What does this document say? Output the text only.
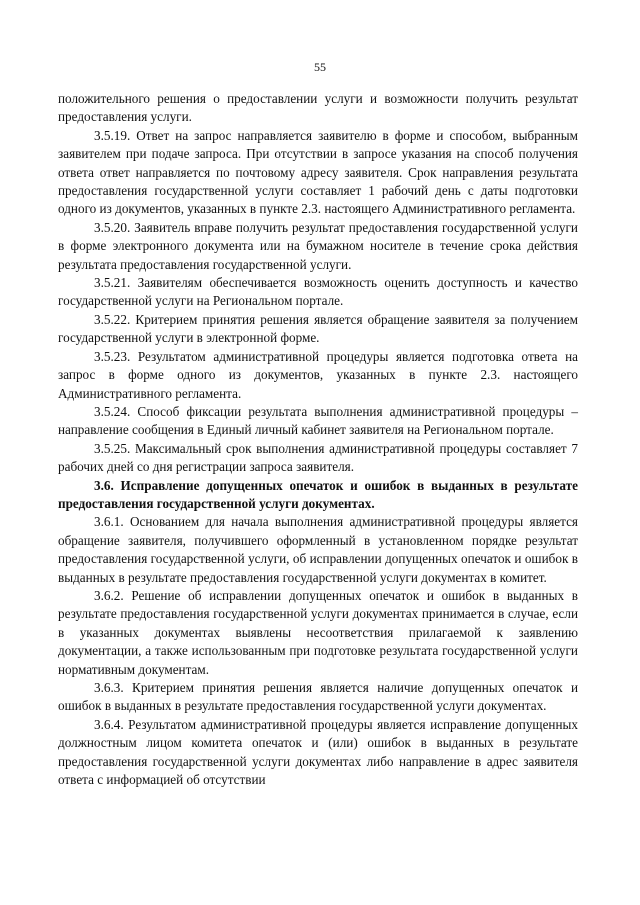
55

положительного решения о предоставлении услуги и возможности получить результат предоставления услуги.

3.5.19. Ответ на запрос направляется заявителю в форме и способом, выбранным заявителем при подаче запроса. При отсутствии в запросе указания на способ получения ответа ответ направляется по почтовому адресу заявителя. Срок направления результата предоставления государственной услуги составляет 1 рабочий день с даты подготовки одного из документов, указанных в пункте 2.3. настоящего Административного регламента.

3.5.20. Заявитель вправе получить результат предоставления государственной услуги в форме электронного документа или на бумажном носителе в течение срока действия результата предоставления государственной услуги.

3.5.21. Заявителям обеспечивается возможность оценить доступность и качество государственной услуги на Региональном портале.

3.5.22. Критерием принятия решения является обращение заявителя за получением государственной услуги в электронной форме.

3.5.23. Результатом административной процедуры является подготовка ответа на запрос в форме одного из документов, указанных в пункте 2.3. настоящего Административного регламента.

3.5.24. Способ фиксации результата выполнения административной процедуры – направление сообщения в Единый личный кабинет заявителя на Региональном портале.

3.5.25. Максимальный срок выполнения административной процедуры составляет 7 рабочих дней со дня регистрации запроса заявителя.

3.6. Исправление допущенных опечаток и ошибок в выданных в результате предоставления государственной услуги документах.

3.6.1. Основанием для начала выполнения административной процедуры является обращение заявителя, получившего оформленный в установленном порядке результат предоставления государственной услуги, об исправлении допущенных опечаток и ошибок в выданных в результате предоставления государственной услуги документах в комитет.

3.6.2. Решение об исправлении допущенных опечаток и ошибок в выданных в результате предоставления государственной услуги документах принимается в случае, если в указанных документах выявлены несоответствия прилагаемой к заявлению документации, а также использованным при подготовке результата государственной услуги нормативным документам.

3.6.3. Критерием принятия решения является наличие допущенных опечаток и ошибок в выданных в результате предоставления государственной услуги документах.

3.6.4. Результатом административной процедуры является исправление допущенных должностным лицом комитета опечаток и (или) ошибок в выданных в результате предоставления государственной услуги документах либо направление в адрес заявителя ответа с информацией об отсутствии
